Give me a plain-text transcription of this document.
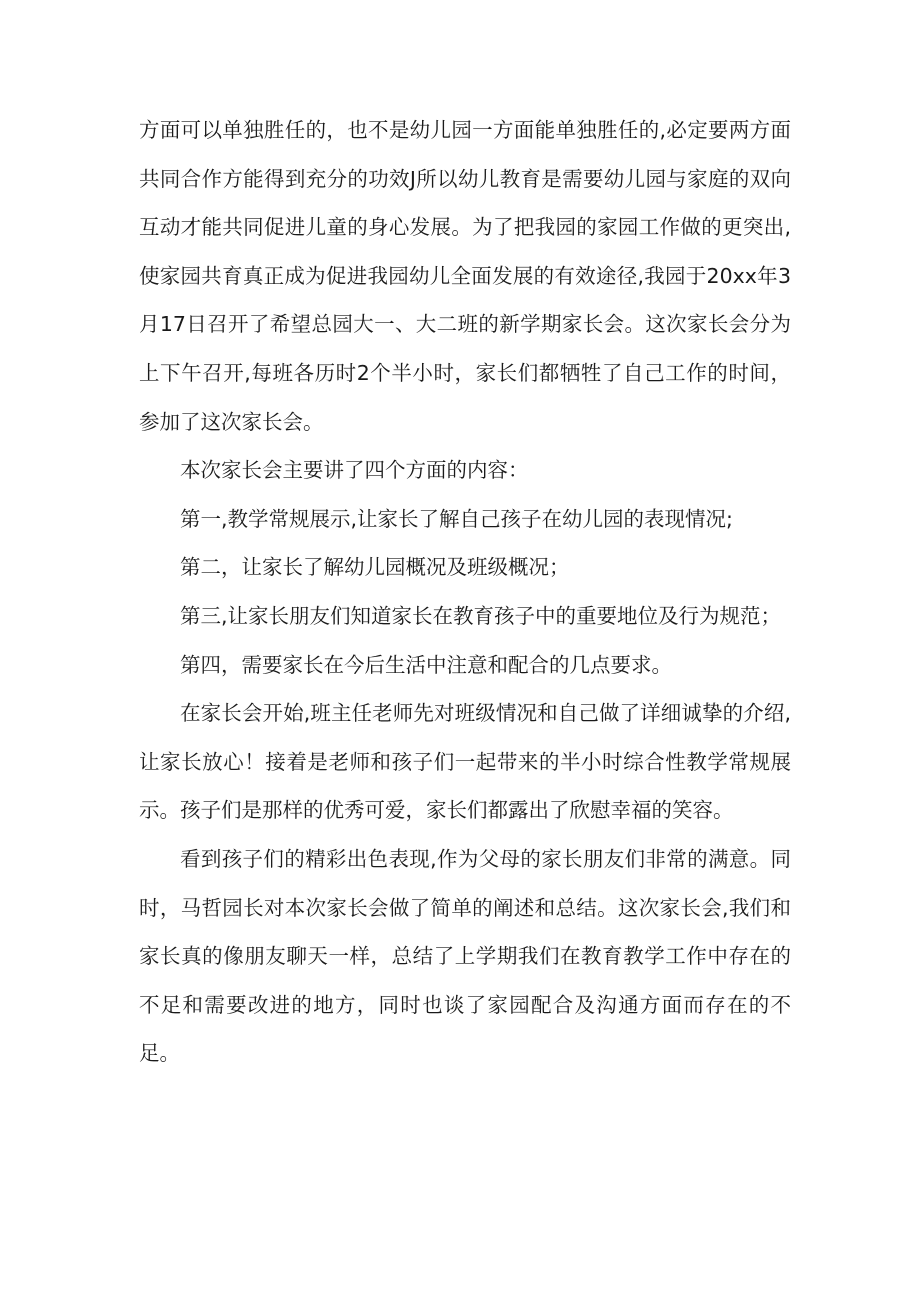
方面可以单独胜任的，也不是幼儿园一方面能单独胜任的,必定要两方面共同合作方能得到充分的功效J所以幼儿教育是需要幼儿园与家庭的双向互动才能共同促进儿童的身心发展。为了把我园的家园工作做的更突出,使家园共育真正成为促进我园幼儿全面发展的有效途径,我园于20xx年3月17日召开了希望总园大一、大二班的新学期家长会。这次家长会分为上下午召开,每班各历时2个半小时，家长们都牺牲了自己工作的时间，参加了这次家长会。

本次家长会主要讲了四个方面的内容：

第一,教学常规展示,让家长了解自己孩子在幼儿园的表现情况;

第二，让家长了解幼儿园概况及班级概况；

第三,让家长朋友们知道家长在教育孩子中的重要地位及行为规范；

第四，需要家长在今后生活中注意和配合的几点要求。

在家长会开始,班主任老师先对班级情况和自己做了详细诚挚的介绍,让家长放心！接着是老师和孩子们一起带来的半小时综合性教学常规展示。孩子们是那样的优秀可爱，家长们都露出了欣慰幸福的笑容。

看到孩子们的精彩出色表现,作为父母的家长朋友们非常的满意。同时，马哲园长对本次家长会做了简单的阐述和总结。这次家长会,我们和家长真的像朋友聊天一样，总结了上学期我们在教育教学工作中存在的不足和需要改进的地方，同时也谈了家园配合及沟通方面而存在的不足。
